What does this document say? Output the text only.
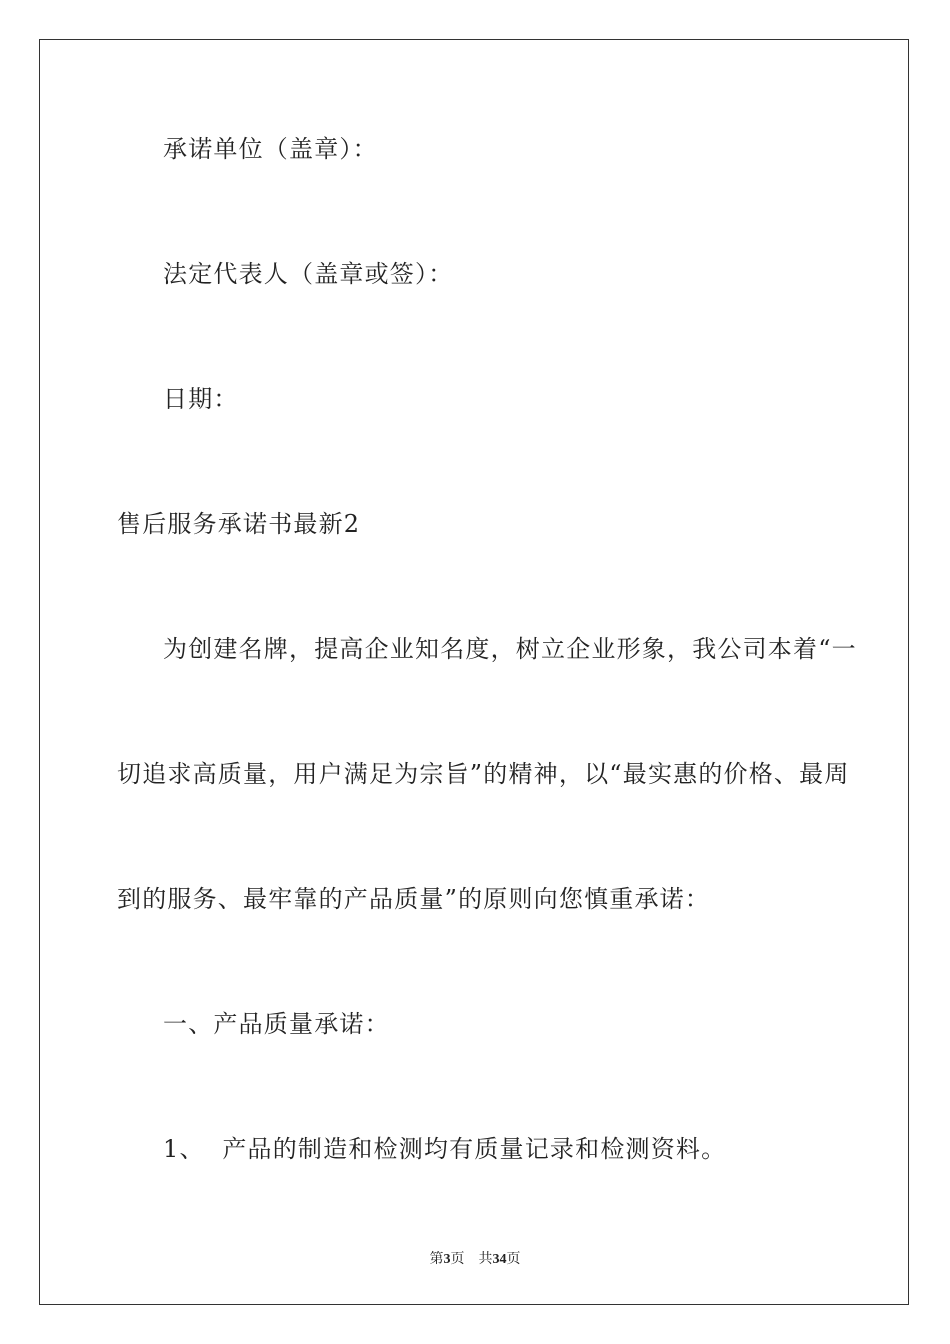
承诺单位（盖章）：
法定代表人（盖章或签）：
日期：
售后服务承诺书最新2
为创建名牌，提高企业知名度，树立企业形象，我公司本着“一
切追求高质量，用户满足为宗旨”的精神，以“最实惠的价格、最周
到的服务、最牢靠的产品质量”的原则向您慎重承诺：
一、产品质量承诺：
1、  产品的制造和检测均有质量记录和检测资料。
第3页 共34页
